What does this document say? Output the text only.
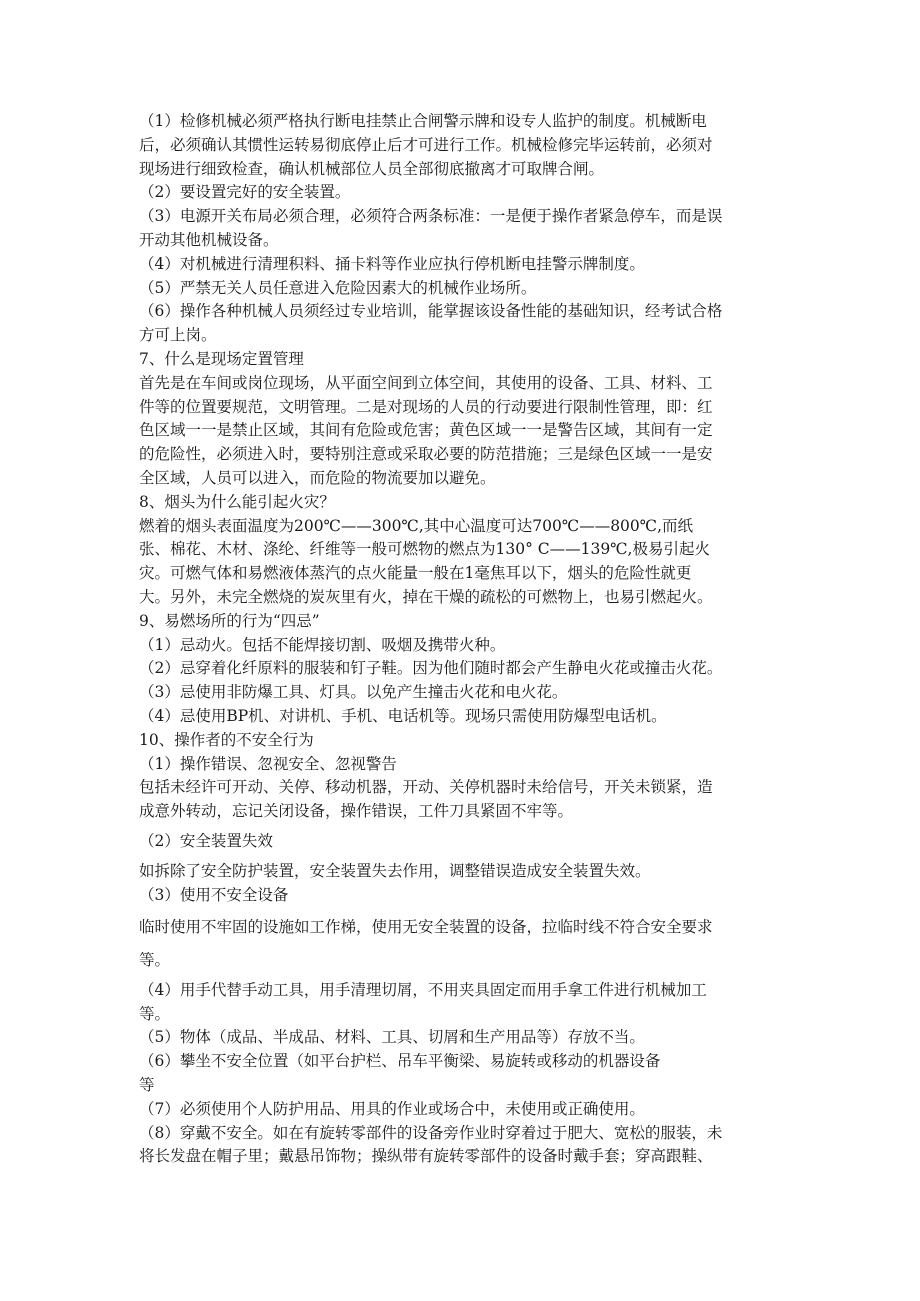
（1）检修机械必须严格执行断电挂禁止合闸警示牌和设专人监护的制度。机械断电

后，必须确认其惯性运转易彻底停止后才可进行工作。机械检修完毕运转前，必须对

现场进行细致检查，确认机械部位人员全部彻底撤离才可取牌合闸。

（2）要设置完好的安全装置。

（3）电源开关布局必须合理，必须符合两条标准：一是便于操作者紧急停车，而是误

开动其他机械设备。

（4）对机械进行清理积料、捅卡料等作业应执行停机断电挂警示牌制度。

（5）严禁无关人员任意进入危险因素大的机械作业场所。

（6）操作各种机械人员须经过专业培训，能掌握该设备性能的基础知识，经考试合格

方可上岗。

7、什么是现场定置管理

首先是在车间或岗位现场，从平面空间到立体空间，其使用的设备、工具、材料、工

件等的位置要规范，文明管理。二是对现场的人员的行动要进行限制性管理，即：红

色区域一一是禁止区域，其间有危险或危害；黄色区域一一是警告区域，其间有一定

的危险性，必须进入时，要特别注意或采取必要的防范措施；三是绿色区域一一是安

全区域，人员可以进入，而危险的物流要加以避免。

8、烟头为什么能引起火灾？

燃着的烟头表面温度为200℃——300℃,其中心温度可达700℃——800℃,而纸

张、棉花、木材、涤纶、纤维等一般可燃物的燃点为130° C——139℃,极易引起火

灾。可燃气体和易燃液体蒸汽的点火能量一般在1毫焦耳以下，烟头的危险性就更

大。另外，未完全燃烧的炭灰里有火，掉在干燥的疏松的可燃物上，也易引燃起火。

9、易燃场所的行为“四忌”

（1）忌动火。包括不能焊接切割、吸烟及携带火种。

（2）忌穿着化纤原料的服装和钉子鞋。因为他们随时都会产生静电火花或撞击火花。

（3）忌使用非防爆工具、灯具。以免产生撞击火花和电火花。

（4）忌使用BP机、对讲机、手机、电话机等。现场只需使用防爆型电话机。

10、操作者的不安全行为

（1）操作错误、忽视安全、忽视警告

包括未经许可开动、关停、移动机器，开动、关停机器时未给信号，开关未锁紧，造

成意外转动，忘记关闭设备，操作错误，工件刀具紧固不牢等。

（2）安全装置失效

如拆除了安全防护装置，安全装置失去作用，调整错误造成安全装置失效。

（3）使用不安全设备

临时使用不牢固的设施如工作梯，使用无安全装置的设备，拉临时线不符合安全要求

等。

（4）用手代替手动工具，用手清理切屑，不用夹具固定而用手拿工件进行机械加工

等。

（5）物体（成品、半成品、材料、工具、切屑和生产用品等）存放不当。

（6）攀坐不安全位置（如平台护栏、吊车平衡梁、易旋转或移动的机器设备

等

（7）必须使用个人防护用品、用具的作业或场合中，未使用或正确使用。

（8）穿戴不安全。如在有旋转零部件的设备旁作业时穿着过于肥大、宽松的服装，未

将长发盘在帽子里；戴悬吊饰物；操纵带有旋转零部件的设备时戴手套；穿高跟鞋、
